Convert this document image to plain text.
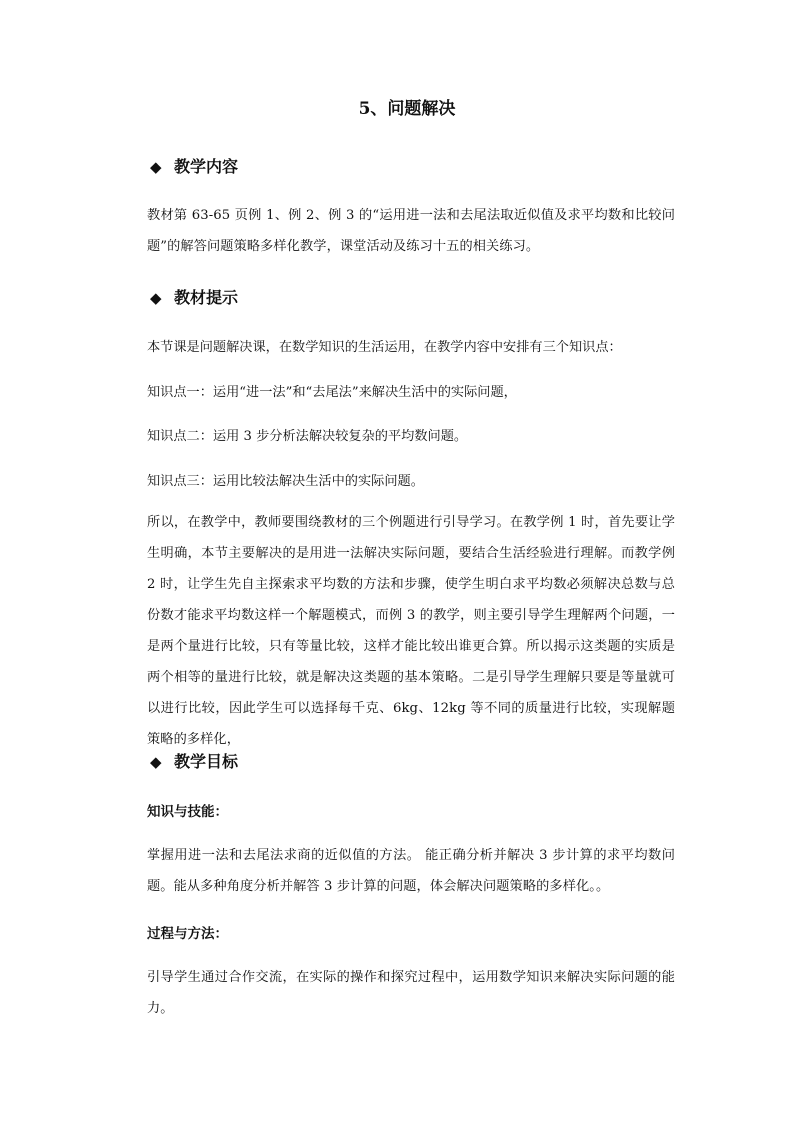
5、问题解决
◆ 教学内容
教材第 63-65 页例 1、例 2、例 3 的“运用进一法和去尾法取近似值及求平均数和比较问题”的解答问题策略多样化教学，课堂活动及练习十五的相关练习。
◆ 教材提示
本节课是问题解决课，在数学知识的生活运用，在教学内容中安排有三个知识点：
知识点一：运用“进一法”和“去尾法”来解决生活中的实际问题，
知识点二：运用 3 步分析法解决较复杂的平均数问题。
知识点三：运用比较法解决生活中的实际问题。
所以，在教学中，教师要围绕教材的三个例题进行引导学习。在教学例 1 时，首先要让学生明确，本节主要解决的是用进一法解决实际问题，要结合生活经验进行理解。而教学例 2 时，让学生先自主探索求平均数的方法和步骤，使学生明白求平均数必须解决总数与总份数才能求平均数这样一个解题模式，而例 3 的教学，则主要引导学生理解两个问题，一是两个量进行比较，只有等量比较，这样才能比较出谁更合算。所以揭示这类题的实质是两个相等的量进行比较，就是解决这类题的基本策略。二是引导学生理解只要是等量就可以进行比较，因此学生可以选择每千克、6kg、12kg 等不同的质量进行比较，实现解题策略的多样化，
◆ 教学目标
知识与技能：
掌握用进一法和去尾法求商的近似值的方法。 能正确分析并解决 3 步计算的求平均数问题。能从多种角度分析并解答 3 步计算的问题，体会解决问题策略的多样化。。
过程与方法：
引导学生通过合作交流，在实际的操作和探究过程中，运用数学知识来解决实际问题的能力。
